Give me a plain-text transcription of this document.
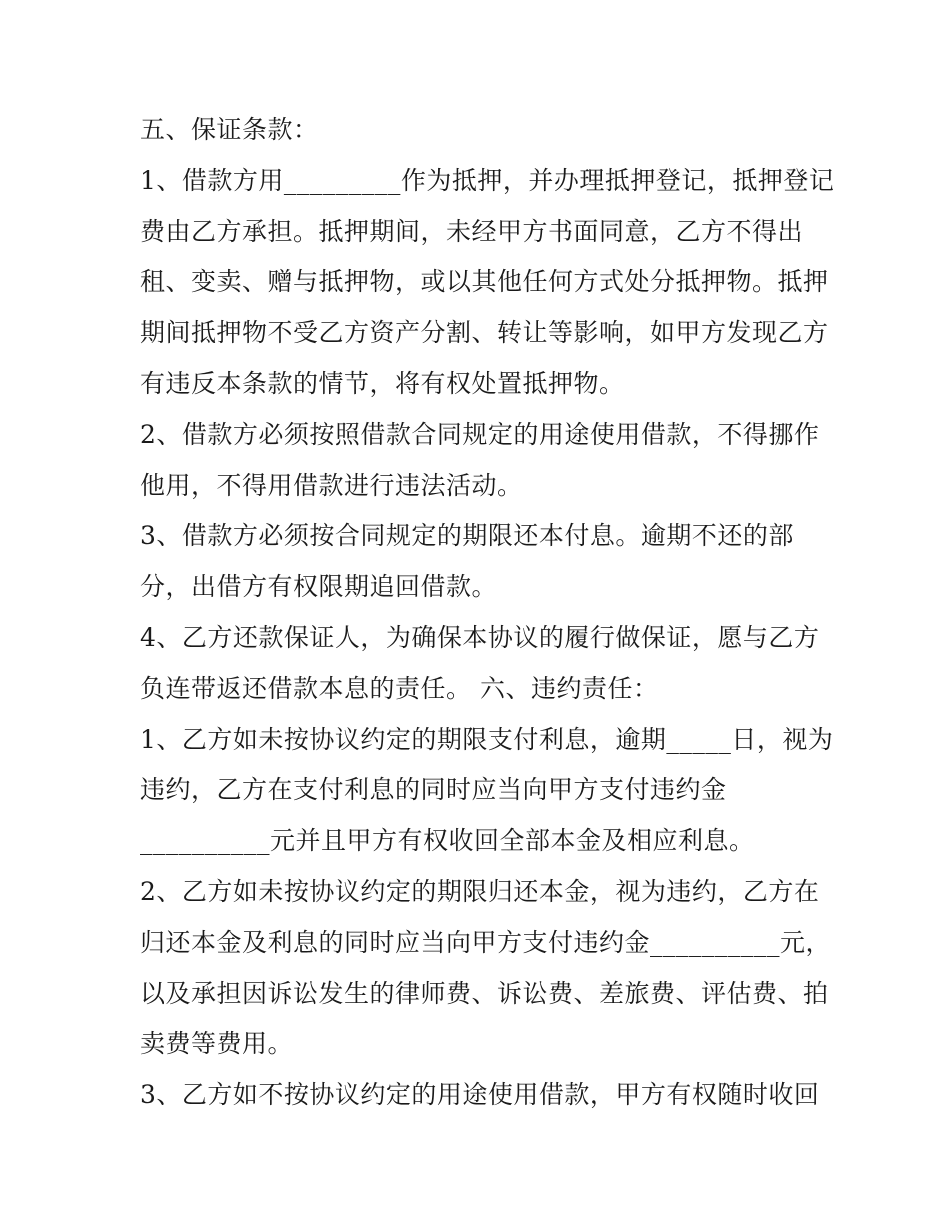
五、保证条款：

1、借款方用_________作为抵押，并办理抵押登记，抵押登记

费由乙方承担。抵押期间，未经甲方书面同意，乙方不得出

租、变卖、赠与抵押物，或以其他任何方式处分抵押物。抵押

期间抵押物不受乙方资产分割、转让等影响，如甲方发现乙方

有违反本条款的情节，将有权处置抵押物。

2、借款方必须按照借款合同规定的用途使用借款，不得挪作

他用，不得用借款进行违法活动。

3、借款方必须按合同规定的期限还本付息。逾期不还的部

分，出借方有权限期追回借款。

4、乙方还款保证人，为确保本协议的履行做保证，愿与乙方

负连带返还借款本息的责任。 六、违约责任：

1、乙方如未按协议约定的期限支付利息，逾期_____日，视为

违约，乙方在支付利息的同时应当向甲方支付违约金

__________元并且甲方有权收回全部本金及相应利息。

2、乙方如未按协议约定的期限归还本金，视为违约，乙方在

归还本金及利息的同时应当向甲方支付违约金__________元，

以及承担因诉讼发生的律师费、诉讼费、差旅费、评估费、拍

卖费等费用。

3、乙方如不按协议约定的用途使用借款，甲方有权随时收回
